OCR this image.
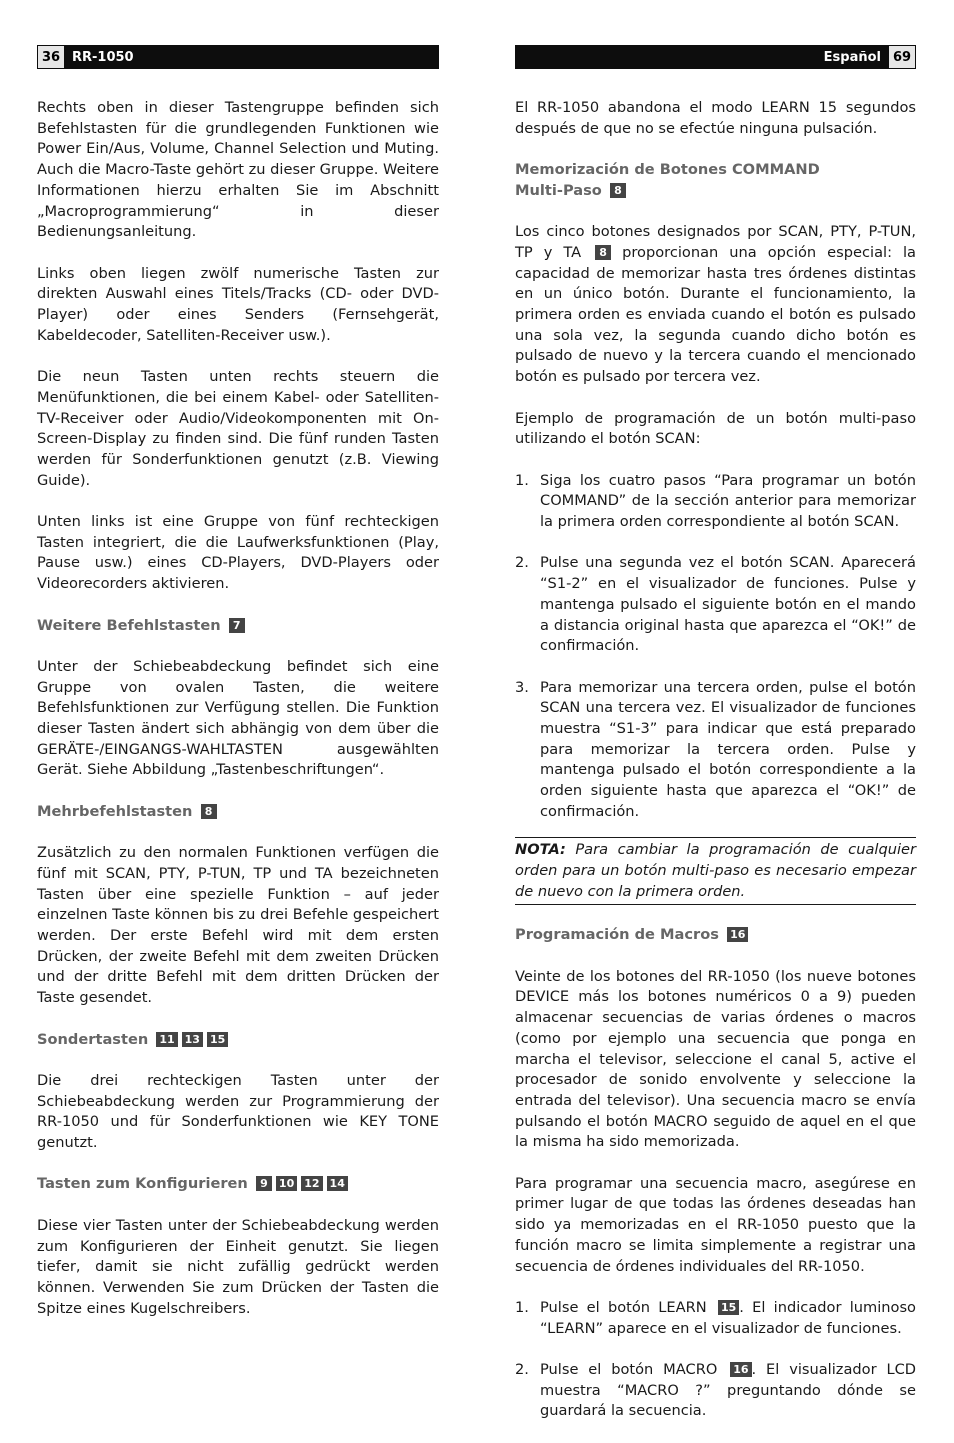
36 RR-1050	Español 69

Rechts oben in dieser Tastengruppe befinden sich Befehlstasten für die grundlegenden Funktionen wie Power Ein/Aus, Volume, Channel Selection und Muting. Auch die Macro-Taste gehört zu dieser Gruppe. Weitere Informationen hierzu erhalten Sie im Abschnitt „Macroprogrammierung“ in dieser Bedienungsanleitung.

Links oben liegen zwölf numerische Tasten zur direkten Auswahl eines Titels/Tracks (CD- oder DVD-Player) oder eines Senders (Fernsehgerät, Kabeldecoder, Satelliten-Receiver usw.).

Die neun Tasten unten rechts steuern die Menüfunktionen, die bei einem Kabel- oder Satelliten-TV-Receiver oder Audio/Videokomponenten mit On-Screen-Display zu finden sind. Die fünf runden Tasten werden für Sonderfunktionen genutzt (z.B. Viewing Guide).

Unten links ist eine Gruppe von fünf rechteckigen Tasten integriert, die die Laufwerksfunktionen (Play, Pause usw.) eines CD-Players, DVD-Players oder Videorecorders aktivieren.

Weitere Befehlstasten 7

Unter der Schiebeabdeckung befindet sich eine Gruppe von ovalen Tasten, die weitere Befehlsfunktionen zur Verfügung stellen. Die Funktion dieser Tasten ändert sich abhängig von dem über die GERÄTE-/EINGANGS-WAHLTASTEN ausgewählten Gerät. Siehe Abbildung „Tastenbeschriftungen“.

Mehrbefehlstasten 8

Zusätzlich zu den normalen Funktionen verfügen die fünf mit SCAN, PTY, P-TUN, TP und TA bezeichneten Tasten über eine spezielle Funktion – auf jeder einzelnen Taste können bis zu drei Befehle gespeichert werden. Der erste Befehl wird mit dem ersten Drücken, der zweite Befehl mit dem zweiten Drücken und der dritte Befehl mit dem dritten Drücken der Taste gesendet.

Sondertasten 11 13 15

Die drei rechteckigen Tasten unter der Schiebeabdeckung werden zur Programmierung der RR-1050 und für Sonderfunktionen wie KEY TONE genutzt.

Tasten zum Konfigurieren 9 10 12 14

Diese vier Tasten unter der Schiebeabdeckung werden zum Konfigurieren der Einheit genutzt. Sie liegen tiefer, damit sie nicht zufällig gedrückt werden können. Verwenden Sie zum Drücken der Tasten die Spitze eines Kugelschreibers.

El RR-1050 abandona el modo LEARN 15 segundos después de que no se efectúe ninguna pulsación.

Memorización de Botones COMMAND
Multi-Paso 8

Los cinco botones designados por SCAN, PTY, P-TUN, TP y TA 8 proporcionan una opción especial: la capacidad de memorizar hasta tres órdenes distintas en un único botón. Durante el funcionamiento, la primera orden es enviada cuando el botón es pulsado una sola vez, la segunda cuando dicho botón es pulsado de nuevo y la tercera cuando el mencionado botón es pulsado por tercera vez.

Ejemplo de programación de un botón multi-paso utilizando el botón SCAN:

1. Siga los cuatro pasos “Para programar un botón COMMAND” de la sección anterior para memorizar la primera orden correspondiente al botón SCAN.
2. Pulse una segunda vez el botón SCAN. Aparecerá “S1-2” en el visualizador de funciones. Pulse y mantenga pulsado el siguiente botón en el mando a distancia original hasta que aparezca el “OK!” de confirmación.
3. Para memorizar una tercera orden, pulse el botón SCAN una tercera vez. El visualizador de funciones muestra “S1-3” para indicar que está preparado para memorizar la tercera orden. Pulse y mantenga pulsado el botón correspondiente a la orden siguiente hasta que aparezca el “OK!” de confirmación.

NOTA: Para cambiar la programación de cualquier orden para un botón multi-paso es necesario empezar de nuevo con la primera orden.

Programación de Macros 16

Veinte de los botones del RR-1050 (los nueve botones DEVICE más los botones numéricos 0 a 9) pueden almacenar secuencias de varias órdenes o macros (como por ejemplo una secuencia que ponga en marcha el televisor, seleccione el canal 5, active el procesador de sonido envolvente y seleccione la entrada del televisor). Una secuencia macro se envía pulsando el botón MACRO seguido de aquel en el que la misma ha sido memorizada.

Para programar una secuencia macro, asegúrese en primer lugar de que todas las órdenes deseadas han sido ya memorizadas en el RR-1050 puesto que la función macro se limita simplemente a registrar una secuencia de órdenes individuales del RR-1050.

1. Pulse el botón LEARN 15 . El indicador luminoso “LEARN” aparece en el visualizador de funciones.
2. Pulse el botón MACRO 16 . El visualizador LCD muestra “MACRO ?” preguntando dónde se guardará la secuencia.
